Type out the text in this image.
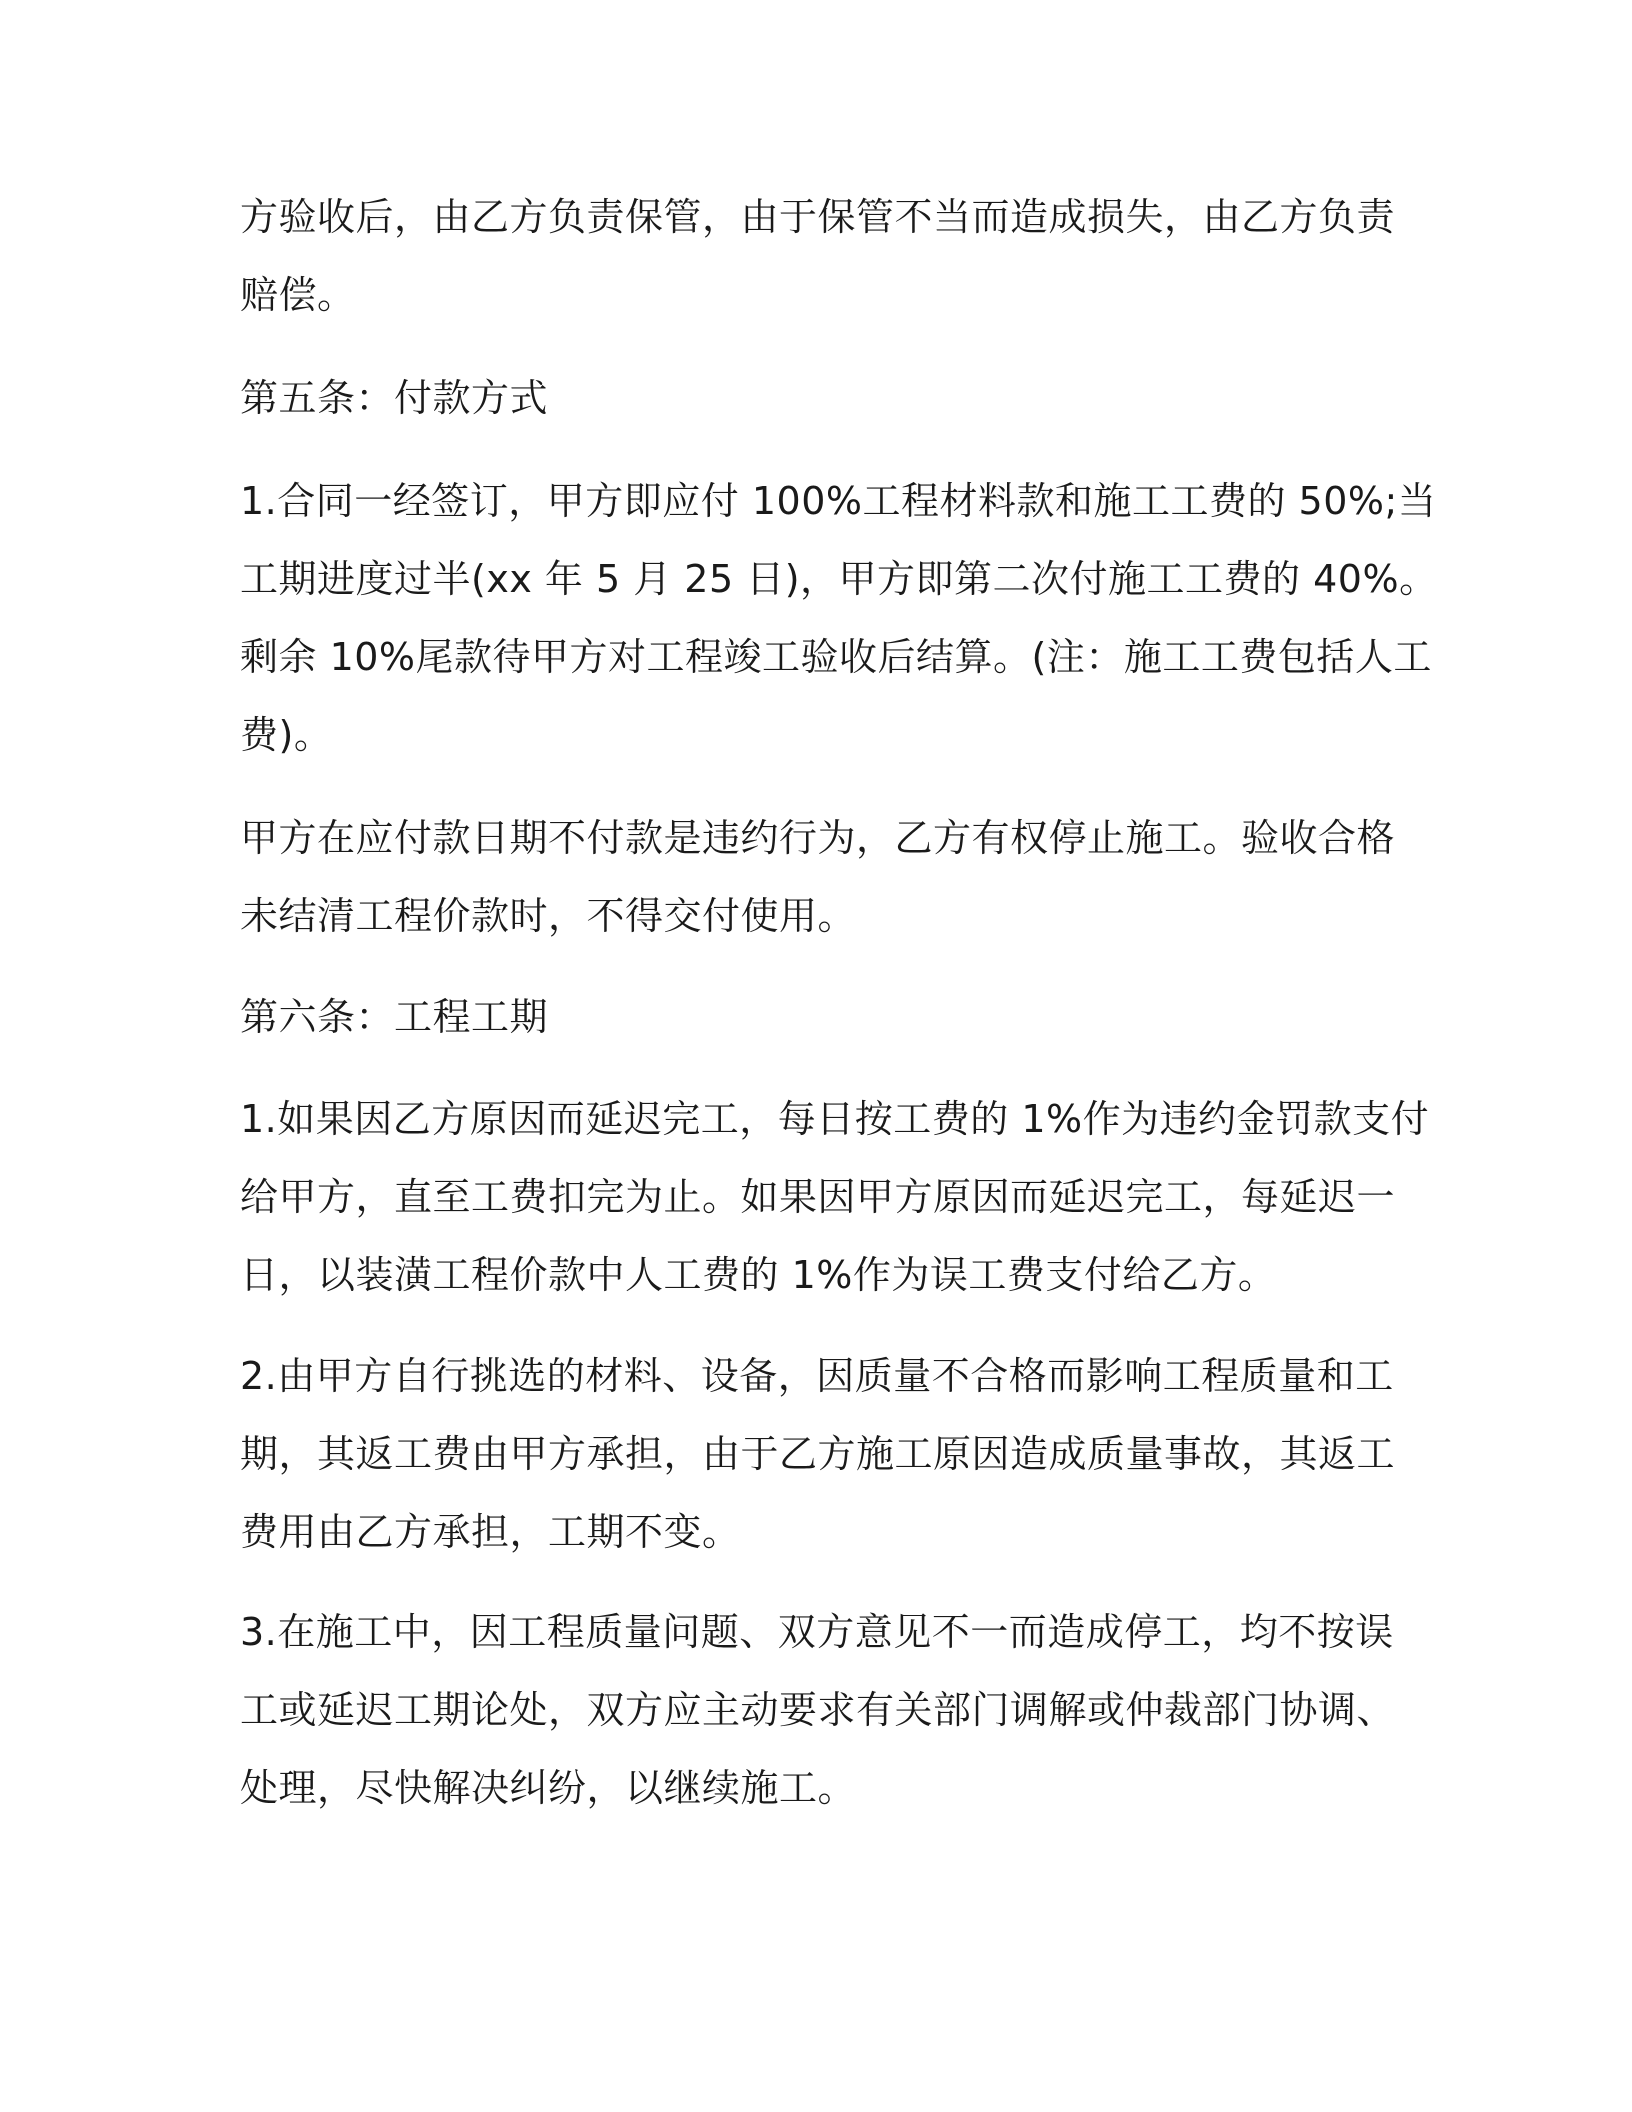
方验收后，由乙方负责保管，由于保管不当而造成损失，由乙方负责
赔偿。
第五条：付款方式
1.合同一经签订，甲方即应付 100%工程材料款和施工工费的 50%;当
工期进度过半(xx 年 5 月 25 日)，甲方即第二次付施工工费的 40%。
剩余 10%尾款待甲方对工程竣工验收后结算。(注：施工工费包括人工
费)。
甲方在应付款日期不付款是违约行为，乙方有权停止施工。验收合格
未结清工程价款时，不得交付使用。
第六条：工程工期
1.如果因乙方原因而延迟完工，每日按工费的 1%作为违约金罚款支付
给甲方，直至工费扣完为止。如果因甲方原因而延迟完工，每延迟一
日，以装潢工程价款中人工费的 1%作为误工费支付给乙方。
2.由甲方自行挑选的材料、设备，因质量不合格而影响工程质量和工
期，其返工费由甲方承担，由于乙方施工原因造成质量事故，其返工
费用由乙方承担，工期不变。
3.在施工中，因工程质量问题、双方意见不一而造成停工，均不按误
工或延迟工期论处，双方应主动要求有关部门调解或仲裁部门协调、
处理，尽快解决纠纷，以继续施工。
